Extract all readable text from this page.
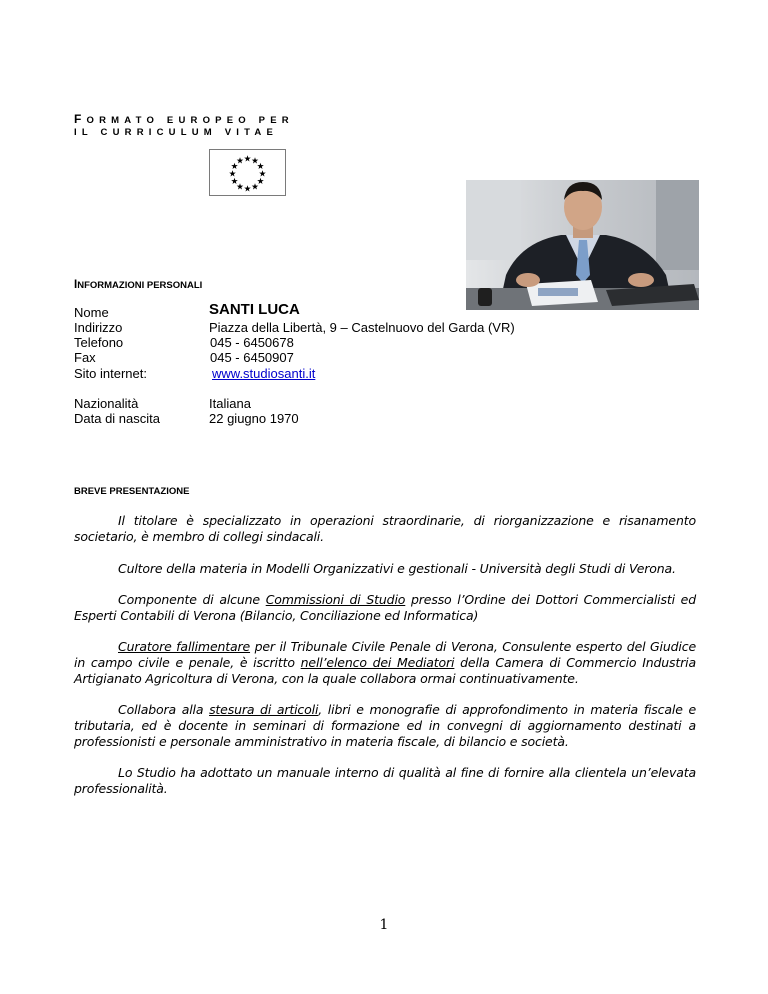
FORMATO EUROPEO PER
IL CURRICULUM VITAE
INFORMAZIONI PERSONALI
Nome	SANTI LUCA
Indirizzo	Piazza della Libertà, 9 – Castelnuovo del Garda (VR)
Telefono	045 - 6450678
Fax	045 - 6450907
Sito internet:	www.studiosanti.it
Nazionalità	Italiana
Data di nascita	22 giugno 1970
BREVE PRESENTAZIONE
Il titolare è specializzato in operazioni straordinarie, di riorganizzazione e risanamento societario, è membro di collegi sindacali.
Cultore della materia in Modelli Organizzativi e gestionali - Università degli Studi di Verona.
Componente di alcune Commissioni di Studio presso l’Ordine dei Dottori Commercialisti ed Esperti Contabili di Verona (Bilancio, Conciliazione ed Informatica)
Curatore fallimentare per il Tribunale Civile Penale di Verona, Consulente esperto del Giudice in campo civile e penale, è iscritto nell’elenco dei Mediatori della Camera di Commercio Industria Artigianato Agricoltura di Verona, con la quale collabora ormai continuativamente.
Collabora alla stesura di articoli, libri e monografie di approfondimento in materia fiscale e tributaria, ed è docente in seminari di formazione ed in convegni di aggiornamento destinati a professionisti e personale amministrativo in materia fiscale, di bilancio e società.
Lo Studio ha adottato un manuale interno di qualità al fine di fornire alla clientela un’elevata professionalità.
1
